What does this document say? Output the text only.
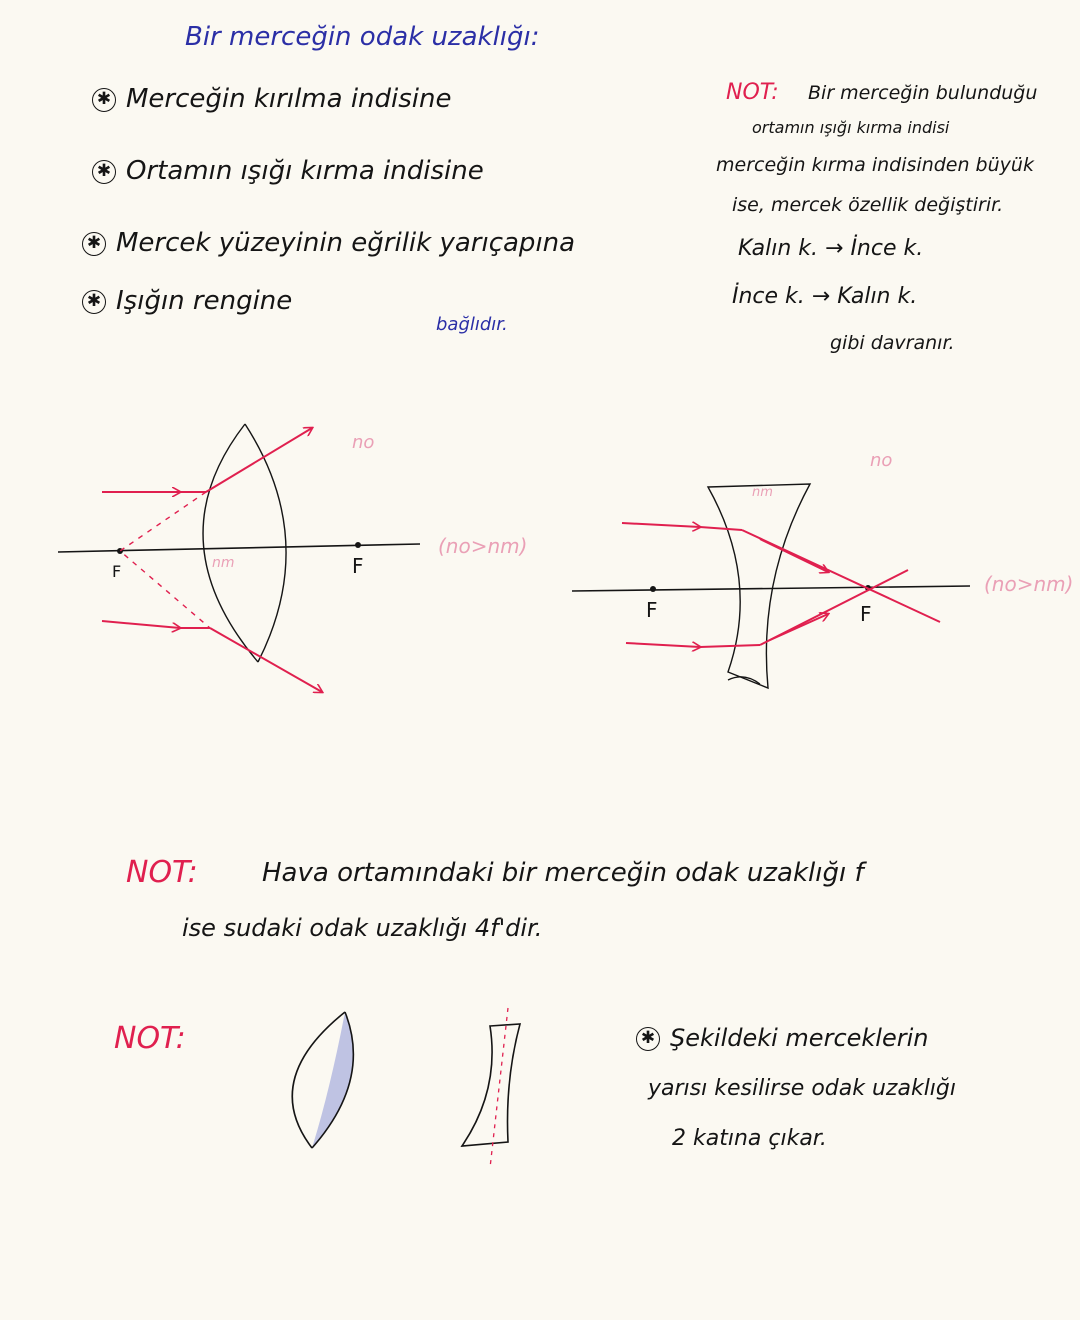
Bir merceğin odak uzaklığı:
✱ Merceğin kırılma indisine
✱ Ortamın ışığı kırma indisine
✱ Mercek yüzeyinin eğrilik yarıçapına
✱ Işığın rengine
bağlıdır.
NOT: Bir merceğin bulunduğu
ortamın ışığı kırma indisi
merceğin kırma indisinden büyük
ise, mercek özellik değiştirir.
Kalın k. → İnce k.
İnce k. → Kalın k.
gibi davranır.
no
nm
(no>nm)
F	F
no
nm
(no>nm)
F	F
NOT: Hava ortamındaki bir merceğin odak uzaklığı f
ise sudaki odak uzaklığı 4f'dir.
NOT:	✱ Şekildeki merceklerin
yarısı kesilirse odak uzaklığı
2 katına çıkar.
